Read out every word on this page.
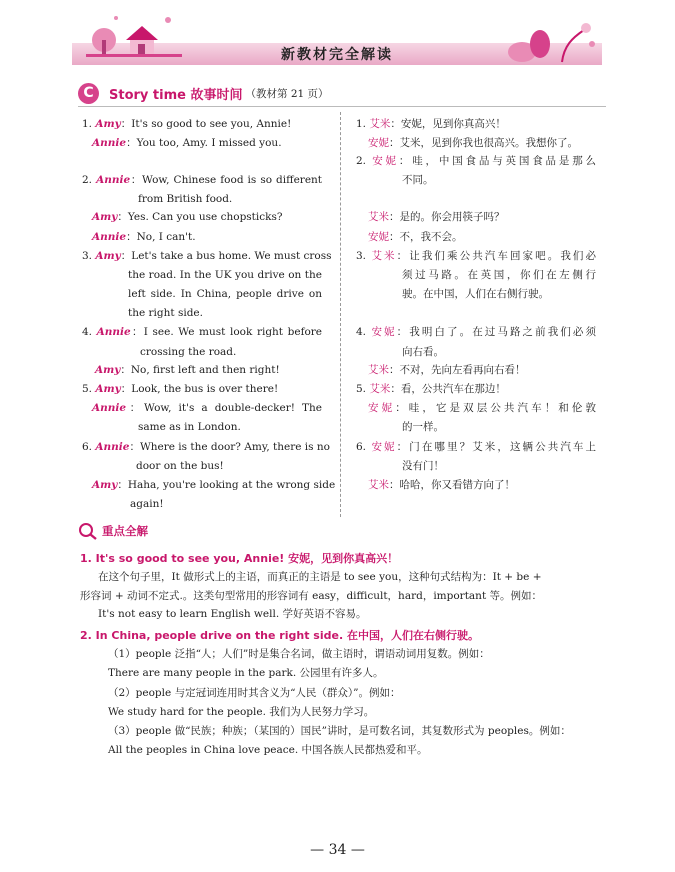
新教材完全解读
C	Story time 故事时间 （教材第 21 页）
1. Amy：It's so good to see you, Annie!
Annie：You too, Amy. I missed you.
2. Annie：Wow, Chinese food is so different
from British food.
Amy：Yes. Can you use chopsticks?
Annie：No, I can't.
3. Amy：Let's take a bus home. We must cross
the road. In the UK you drive on the
left side. In China, people drive on
the right side.
4. Annie：I see. We must look right before
crossing the road.
Amy：No, first left and then right!
5. Amy：Look, the bus is over there!
Annie：Wow, it's a double-decker! The
same as in London.
6. Annie：Where is the door? Amy, there is no
door on the bus!
Amy：Haha, you're looking at the wrong side
again!
1. 艾米：安妮，见到你真高兴！
安妮：艾米，见到你我也很高兴。我想你了。
2. 安妮：哇，中国食品与英国食品是那么
不同。
艾米：是的。你会用筷子吗？
安妮：不，我不会。
3. 艾米：让我们乘公共汽车回家吧。我们必
须过马路。在英国，你们在左侧行
驶。在中国，人们在右侧行驶。
4. 安妮：我明白了。在过马路之前我们必须
向右看。
艾米：不对，先向左看再向右看！
5. 艾米：看，公共汽车在那边！
安妮：哇，它是双层公共汽车！和伦敦
的一样。
6. 安妮：门在哪里？艾米，这辆公共汽车上
没有门！
艾米：哈哈，你又看错方向了！
重点全解
1. It's so good to see you, Annie! 安妮，见到你真高兴！
在这个句子里，It 做形式上的主语，而真正的主语是 to see you，这种句式结构为：It + be +
形容词 + 动词不定式.。这类句型常用的形容词有 easy，difficult，hard，important 等。例如：
It's not easy to learn English well. 学好英语不容易。
2. In China, people drive on the right side. 在中国，人们在右侧行驶。
（1）people 泛指“人；人们”时是集合名词，做主语时，谓语动词用复数。例如：
There are many people in the park. 公园里有许多人。
（2）people 与定冠词连用时其含义为“人民（群众）”。例如：
We study hard for the people. 我们为人民努力学习。
（3）people 做“民族；种族；（某国的）国民”讲时，是可数名词，其复数形式为 peoples。例如：
All the peoples in China love peace. 中国各族人民都热爱和平。
— 34 —
